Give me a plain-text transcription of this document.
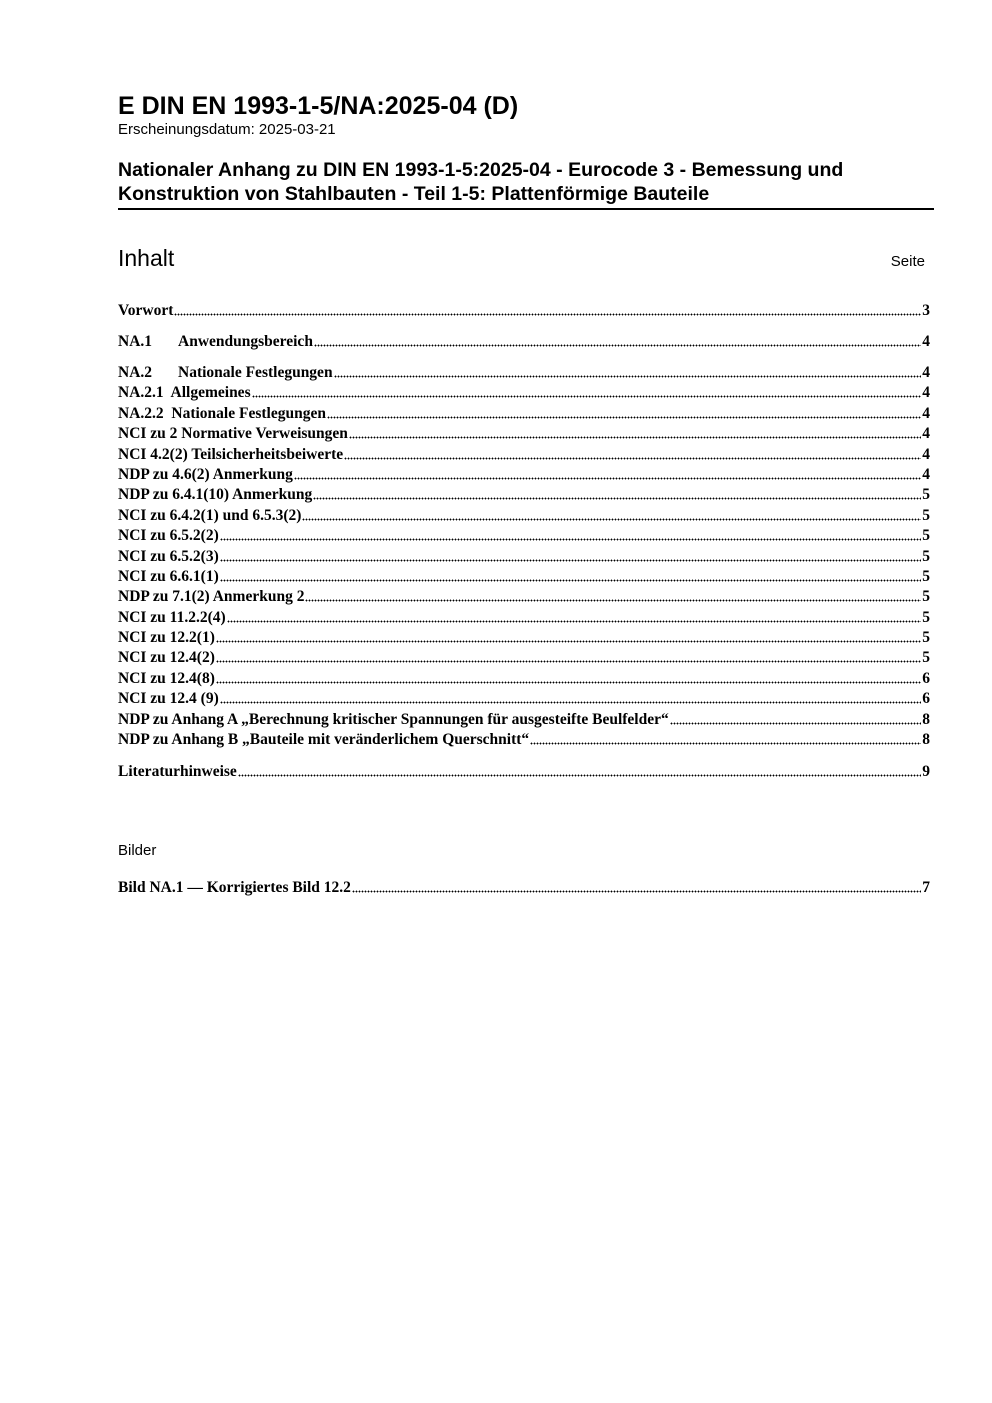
E DIN EN 1993-1-5/NA:2025-04 (D)
Erscheinungsdatum: 2025-03-21
Nationaler Anhang zu DIN EN 1993-1-5:2025-04 - Eurocode 3 - Bemessung und
Konstruktion von Stahlbauten - Teil 1-5: Plattenförmige Bauteile
Inhalt	Seite
Vorwort	3
NA.1 Anwendungsbereich	4
NA.2 Nationale Festlegungen	4
NA.2.1  Allgemeines	4
NA.2.2  Nationale Festlegungen	4
NCI zu 2 Normative Verweisungen	4
NCI 4.2(2) Teilsicherheitsbeiwerte	4
NDP zu 4.6(2) Anmerkung	4
NDP zu 6.4.1(10) Anmerkung	5
NCI zu 6.4.2(1) und 6.5.3(2)	5
NCI zu 6.5.2(2)	5
NCI zu 6.5.2(3)	5
NCI zu 6.6.1(1)	5
NDP zu 7.1(2) Anmerkung 2	5
NCI zu 11.2.2(4)	5
NCI zu 12.2(1)	5
NCI zu 12.4(2)	5
NCI zu 12.4(8)	6
NCI zu 12.4 (9)	6
NDP zu Anhang A „Berechnung kritischer Spannungen für ausgesteifte Beulfelder“	8
NDP zu Anhang B „Bauteile mit veränderlichem Querschnitt“	8
Literaturhinweise	9
Bilder
Bild NA.1 — Korrigiertes Bild 12.2	7
